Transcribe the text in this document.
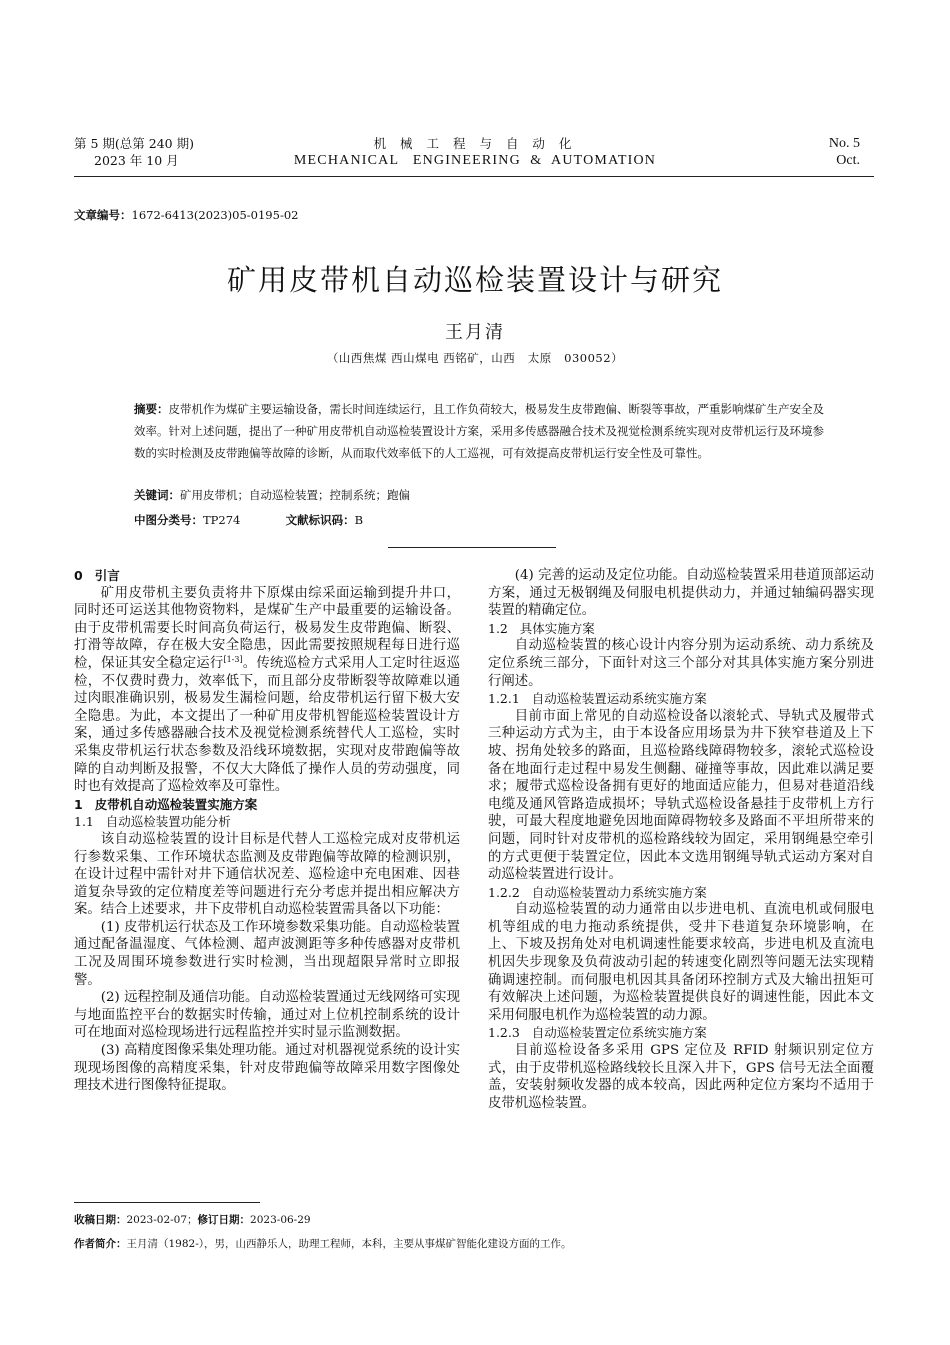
第 5 期(总第 240 期)
2023 年 10 月
机 械 工 程 与 自 动 化
MECHANICAL   ENGINEERING  &  AUTOMATION
No. 5
Oct.
文章编号：1672-6413(2023)05-0195-02
矿用皮带机自动巡检装置设计与研究
王月清
（山西焦煤 西山煤电 西铭矿，山西   太原   030052）
摘要：皮带机作为煤矿主要运输设备，需长时间连续运行，且工作负荷较大，极易发生皮带跑偏、断裂等事故，严重影响煤矿生产安全及效率。针对上述问题，提出了一种矿用皮带机自动巡检装置设计方案，采用多传感器融合技术及视觉检测系统实现对皮带机运行及环境参数的实时检测及皮带跑偏等故障的诊断，从而取代效率低下的人工巡视，可有效提高皮带机运行安全性及可靠性。
关键词：矿用皮带机；自动巡检装置；控制系统；跑偏
中图分类号：TP274	文献标识码：B
0 引言

矿用皮带机主要负责将井下原煤由综采面运输到提升井口，同时还可运送其他物资物料，是煤矿生产中最重要的运输设备。由于皮带机需要长时间高负荷运行，极易发生皮带跑偏、断裂、打滑等故障，存在极大安全隐患，因此需要按照规程每日进行巡检，保证其安全稳定运行[1-3]。传统巡检方式采用人工定时往返巡检，不仅费时费力，效率低下，而且部分皮带断裂等故障难以通过肉眼准确识别，极易发生漏检问题，给皮带机运行留下极大安全隐患。为此，本文提出了一种矿用皮带机智能巡检装置设计方案，通过多传感器融合技术及视觉检测系统替代人工巡检，实时采集皮带机运行状态参数及沿线环境数据，实现对皮带跑偏等故障的自动判断及报警，不仅大大降低了操作人员的劳动强度，同时也有效提高了巡检效率及可靠性。

1 皮带机自动巡检装置实施方案
1.1   自动巡检装置功能分析

该自动巡检装置的设计目标是代替人工巡检完成对皮带机运行参数采集、工作环境状态监测及皮带跑偏等故障的检测识别，在设计过程中需针对井下通信状况差、巡检途中充电困难、因巷道复杂导致的定位精度差等问题进行充分考虑并提出相应解决方案。结合上述要求，井下皮带机自动巡检装置需具备以下功能：

(1) 皮带机运行状态及工作环境参数采集功能。自动巡检装置通过配备温湿度、气体检测、超声波测距等多种传感器对皮带机工况及周围环境参数进行实时检测，当出现超限异常时立即报警。

(2) 远程控制及通信功能。自动巡检装置通过无线网络可实现与地面监控平台的数据实时传输，通过对上位机控制系统的设计可在地面对巡检现场进行远程监控并实时显示监测数据。

(3) 高精度图像采集处理功能。通过对机器视觉系统的设计实现现场图像的高精度采集，针对皮带跑偏等故障采用数字图像处理技术进行图像特征提取。

(4) 完善的运动及定位功能。自动巡检装置采用巷道顶部运动方案，通过无极钢绳及伺服电机提供动力，并通过轴编码器实现装置的精确定位。

1.2   具体实施方案

自动巡检装置的核心设计内容分别为运动系统、动力系统及定位系统三部分，下面针对这三个部分对其具体实施方案分别进行阐述。

1.2.1   自动巡检装置运动系统实施方案

目前市面上常见的自动巡检设备以滚轮式、导轨式及履带式三种运动方式为主，由于本设备应用场景为井下狭窄巷道及上下坡、拐角处较多的路面，且巡检路线障碍物较多，滚轮式巡检设备在地面行走过程中易发生侧翻、碰撞等事故，因此难以满足要求；履带式巡检设备拥有更好的地面适应能力，但易对巷道沿线电缆及通风管路造成损坏；导轨式巡检设备悬挂于皮带机上方行驶，可最大程度地避免因地面障碍物较多及路面不平坦所带来的问题，同时针对皮带机的巡检路线较为固定，采用钢绳悬空牵引的方式更便于装置定位，因此本文选用钢绳导轨式运动方案对自动巡检装置进行设计。

1.2.2   自动巡检装置动力系统实施方案

自动巡检装置的动力通常由以步进电机、直流电机或伺服电机等组成的电力拖动系统提供，受井下巷道复杂环境影响，在上、下坡及拐角处对电机调速性能要求较高，步进电机及直流电机因失步现象及负荷波动引起的转速变化剧烈等问题无法实现精确调速控制。而伺服电机因其具备闭环控制方式及大输出扭矩可有效解决上述问题，为巡检装置提供良好的调速性能，因此本文采用伺服电机作为巡检装置的动力源。

1.2.3   自动巡检装置定位系统实施方案

目前巡检设备多采用 GPS 定位及 RFID 射频识别定位方式，由于皮带机巡检路线较长且深入井下，GPS 信号无法全面覆盖，安装射频收发器的成本较高，因此两种定位方案均不适用于皮带机巡检装置。

收稿日期：2023-02-07；修订日期：2023-06-29
作者简介：王月清（1982-），男，山西静乐人，助理工程师，本科，主要从事煤矿智能化建设方面的工作。
